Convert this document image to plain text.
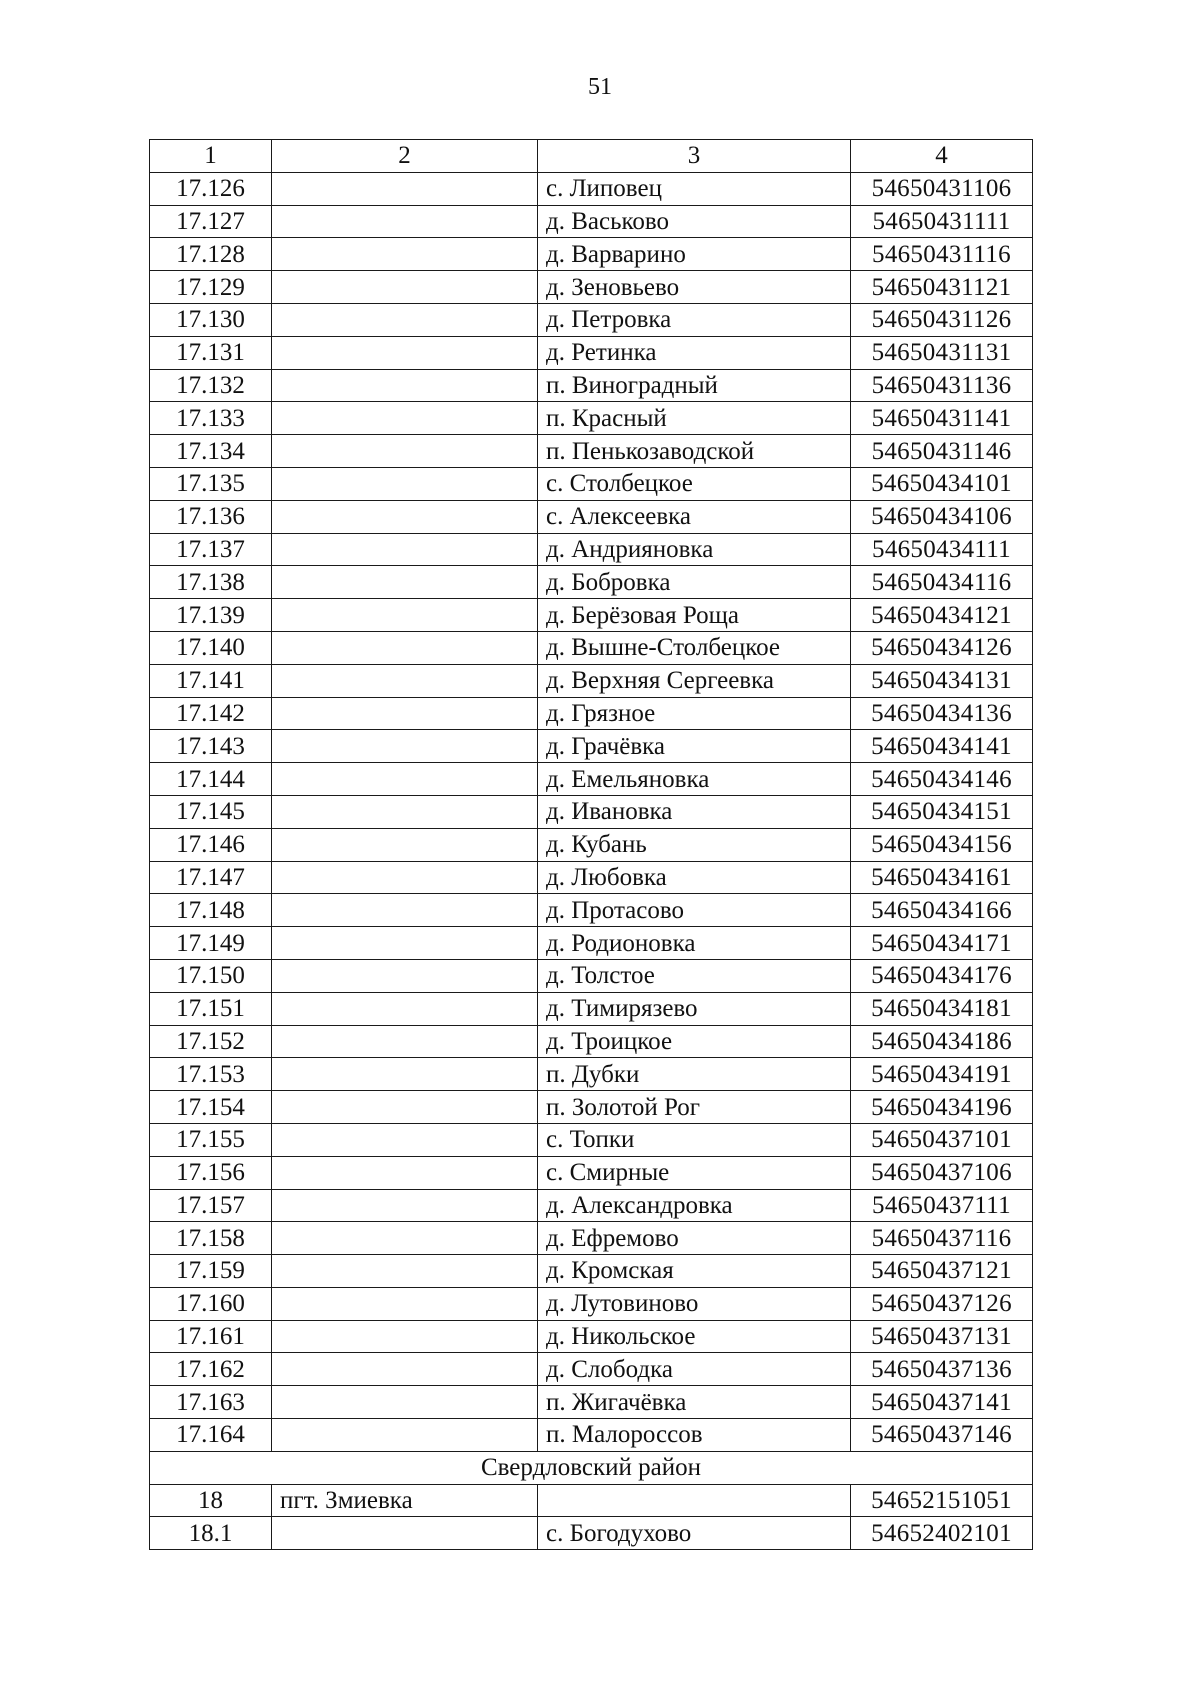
51
1	2	3	4
17.126		с. Липовец	54650431106
17.127		д. Васьково	54650431111
17.128		д. Варварино	54650431116
17.129		д. Зеновьево	54650431121
17.130		д. Петровка	54650431126
17.131		д. Ретинка	54650431131
17.132		п. Виноградный	54650431136
17.133		п. Красный	54650431141
17.134		п. Пенькозаводской	54650431146
17.135		с. Столбецкое	54650434101
17.136		с. Алексеевка	54650434106
17.137		д. Андрияновка	54650434111
17.138		д. Бобровка	54650434116
17.139		д. Берёзовая Роща	54650434121
17.140		д. Вышне-Столбецкое	54650434126
17.141		д. Верхняя Сергеевка	54650434131
17.142		д. Грязное	54650434136
17.143		д. Грачёвка	54650434141
17.144		д. Емельяновка	54650434146
17.145		д. Ивановка	54650434151
17.146		д. Кубань	54650434156
17.147		д. Любовка	54650434161
17.148		д. Протасово	54650434166
17.149		д. Родионовка	54650434171
17.150		д. Толстое	54650434176
17.151		д. Тимирязево	54650434181
17.152		д. Троицкое	54650434186
17.153		п. Дубки	54650434191
17.154		п. Золотой Рог	54650434196
17.155		с. Топки	54650437101
17.156		с. Смирные	54650437106
17.157		д. Александровка	54650437111
17.158		д. Ефремово	54650437116
17.159		д. Кромская	54650437121
17.160		д. Лутовиново	54650437126
17.161		д. Никольское	54650437131
17.162		д. Слободка	54650437136
17.163		п. Жигачёвка	54650437141
17.164		п. Малороссов	54650437146
Свердловский район			
18	пгт. Змиевка		54652151051
18.1		с. Богодухово	54652402101
